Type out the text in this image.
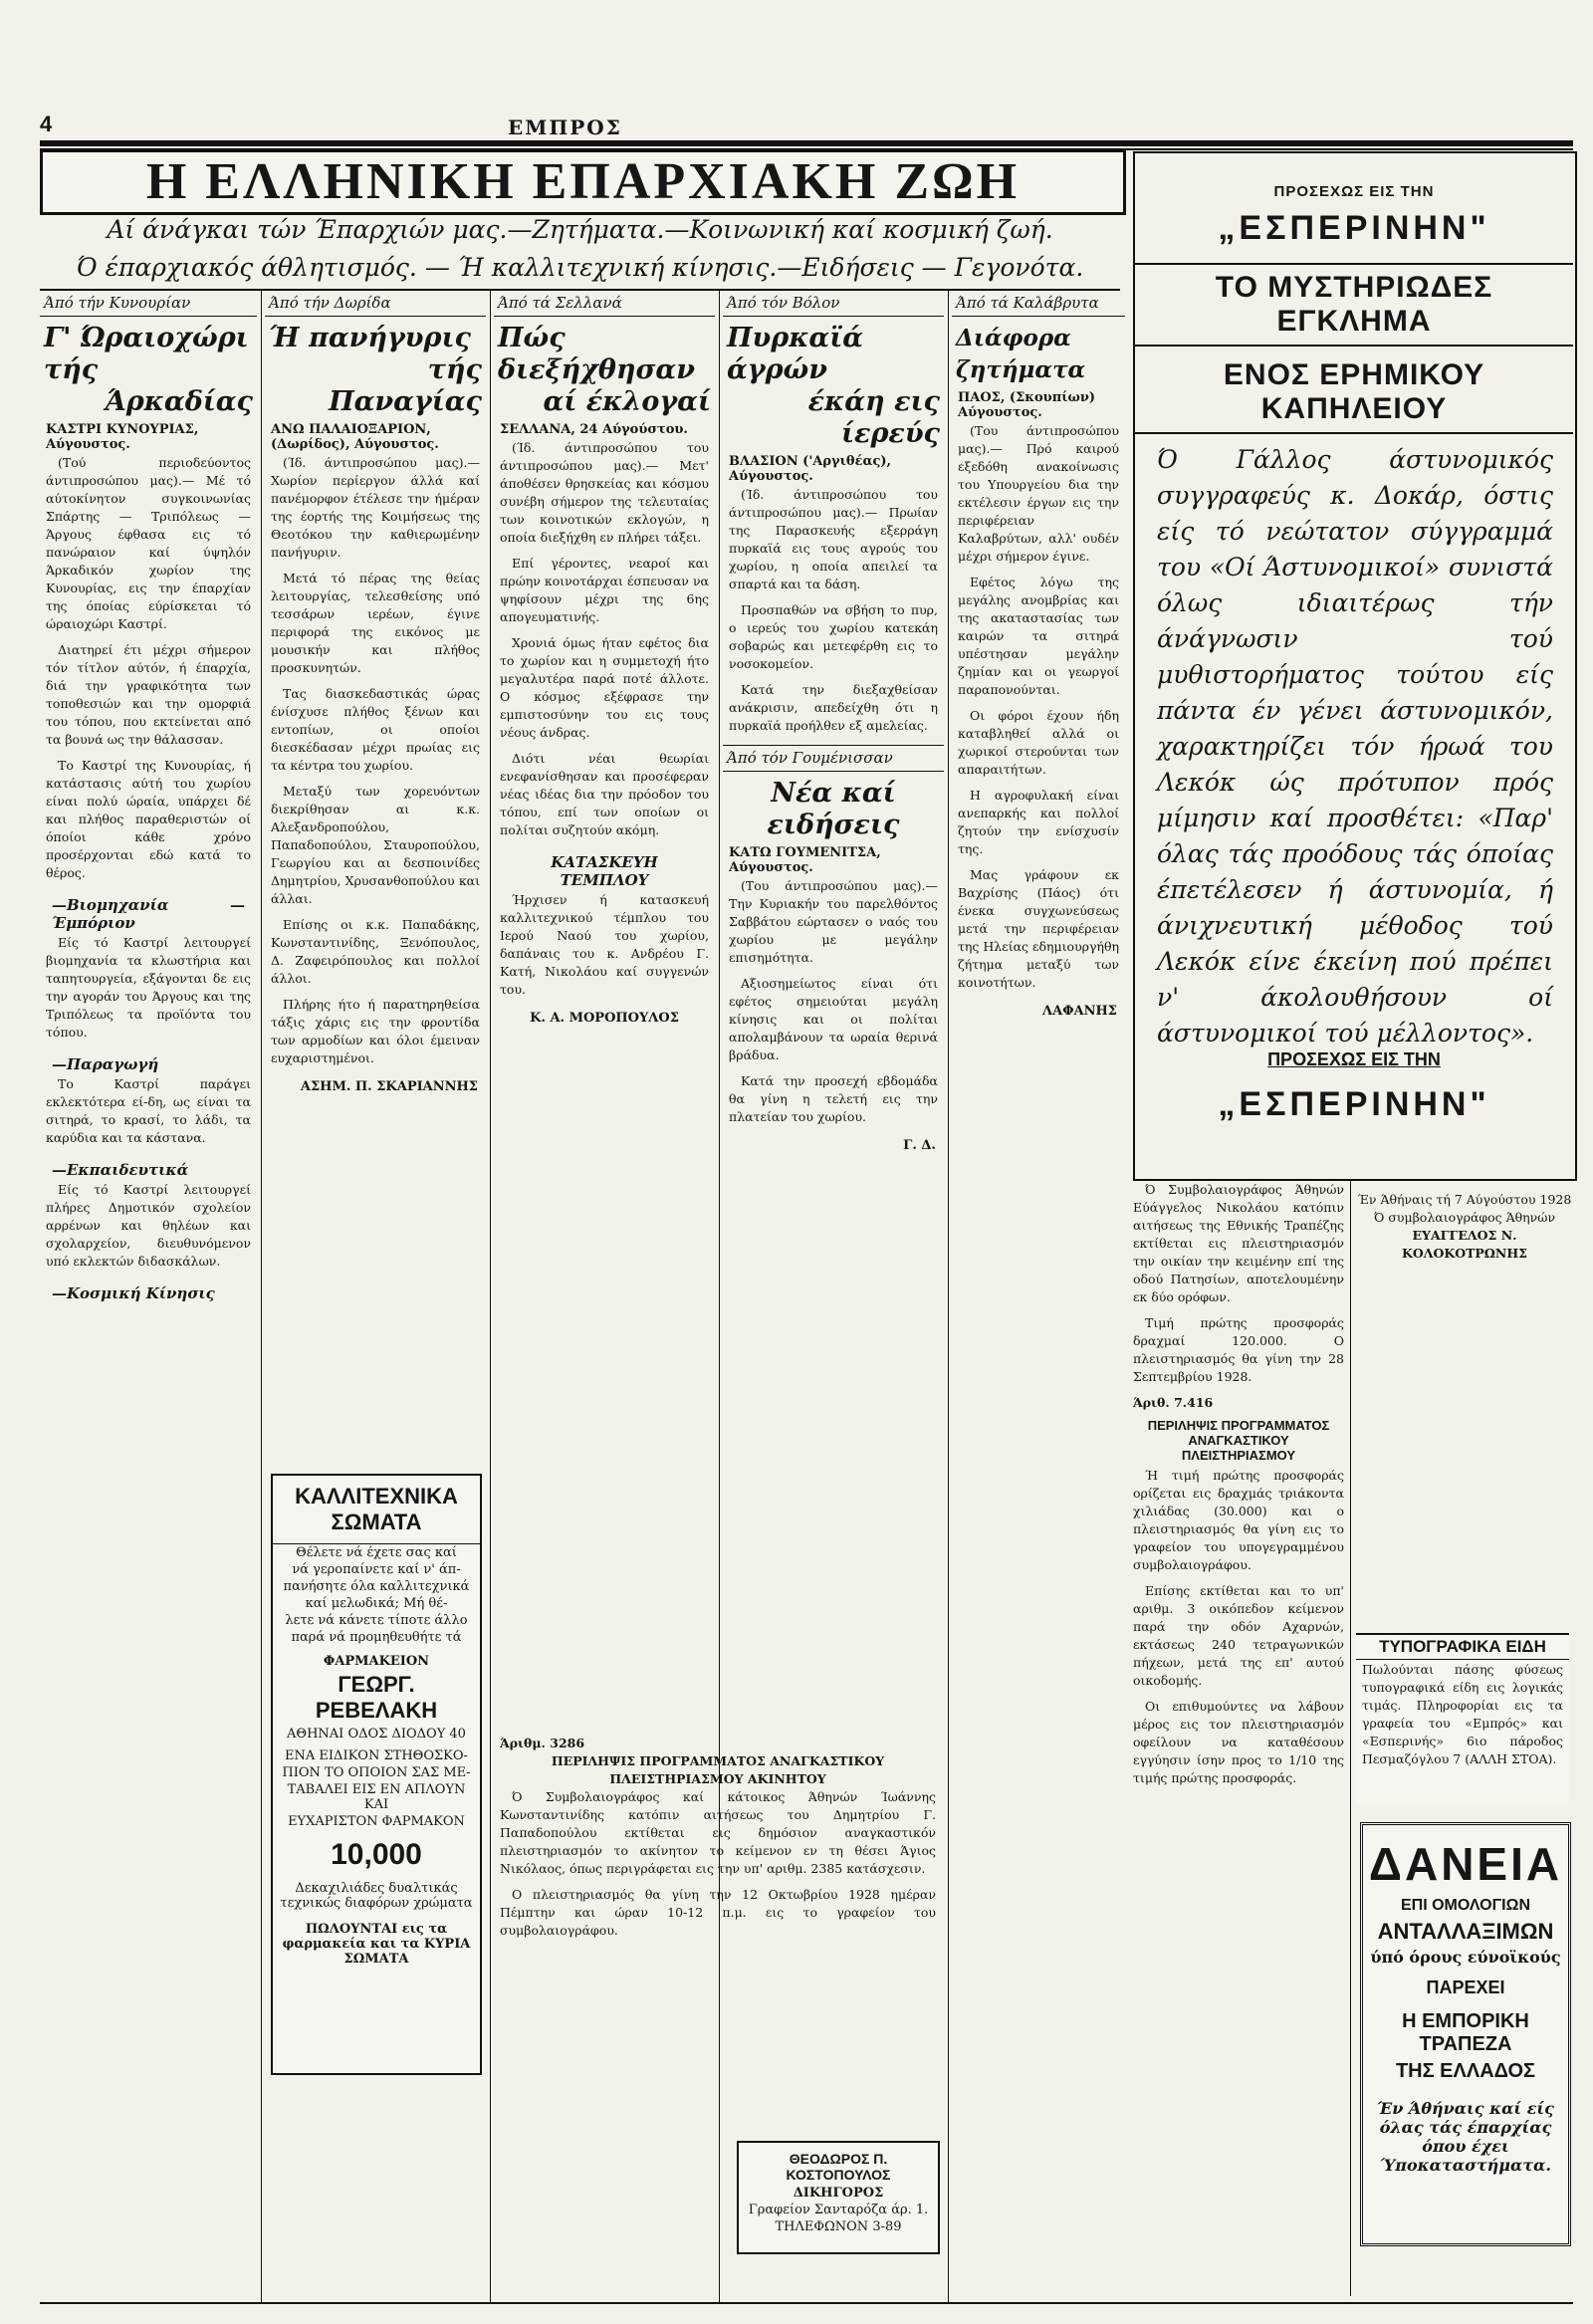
4	ΕΜΠΡΟΣ
Η ΕΛΛΗΝΙΚΗ ΕΠΑΡΧΙΑΚΗ ΖΩΗ
Αί άνάγκαι τών Έπαρχιών μας.—Ζητήματα.—Κοινωνική καί κοσμική ζωή.
Ό έπαρχιακός άθλητισμός. — Ή καλλιτεχνική κίνησις.—Ειδήσεις — Γεγονότα.
Άπό τήν Κυνουρίαν
Γ' Ώραιοχώρι τής
Άρκαδίας
ΚΑΣΤΡΙ ΚΥΝΟΥΡΙΑΣ, Αύγουστος.
(Τού περιοδεύοντος άντιπροσώπου μας).— Μέ τό αύτοκίνητον συγκοινωνίας Σπάρτης — Τριπόλεως — Άργους έφθασα εις τό πανώραιον καί ύψηλόν Άρκαδικόν χωρίον της Κυνουρίας, εις την έπαρχίαν της όποίας εύρίσκεται τό ώραιοχώρι Καστρί.
Διατηρεί έτι μέχρι σήμερον τόν τίτλον αύτόν, ή έπαρχία, διά την γραφικότητα των τοποθεσιών και την ομορφιά του τόπου, που εκτείνεται από τα βουνά ως την θάλασσαν.
Το Καστρί της Κυνουρίας, ή κατάστασις αύτή του χωρίου είναι πολύ ώραία, υπάρχει δέ και πλήθος παραθεριστών οί όποίοι κάθε χρόνο προσέρχονται εδώ κατά το θέρος.
—Βιομηχανία —Έμπόριον
Είς τό Καστρί λειτουργεί βιομηχανία τα κλωστήρια και ταπητουργεία, εξάγονται δε εις την αγοράν του Άργους και της Τριπόλεως τα προϊόντα του τόπου.
—Παραγωγή
Το Καστρί παράγει εκλεκτότερα εί-δη, ως είναι τα σιτηρά, το κρασί, το λάδι, τα καρύδια και τα κάστανα.
—Εκπαιδευτικά
Είς τό Καστρί λειτουργεί πλήρες Δημοτικόν σχολείον αρρένων και θηλέων και σχολαρχείον, διευθυνόμενον υπό εκλεκτών διδασκάλων.
—Κοσμική Κίνησις
Άπό τήν Δωρίδα
Ή πανήγυρις
τής Παναγίας
ΑΝΩ ΠΑΛΑΙΟΞΑΡΙΟΝ, (Δωρίδος), Αύγουστος.
(Ίδ. άντιπροσώπου μας).— Χωρίον περίεργον άλλά καί πανέμορφον έτέλεσε την ήμέραν της έορτής της Κοιμήσεως της Θεοτόκου την καθιερωμένην πανήγυριν.
Μετά τό πέρας της θείας λειτουργίας, τελεσθείσης υπό τεσσάρων ιερέων, έγινε περιφορά της εικόνος με μουσικήν και πλήθος προσκυνητών.
Τας διασκεδαστικάς ώρας ένίσχυσε πλήθος ξένων και εντοπίων, οι οποίοι διεσκέδασαν μέχρι πρωίας εις τα κέντρα του χωρίου.
Μεταξύ των χορευόντων διεκρίθησαν αι κ.κ. Αλεξανδροπούλου, Παπαδοπούλου, Σταυροπούλου, Γεωργίου και αι δεσποινίδες Δημητρίου, Χρυσανθοπούλου και άλλαι.
Επίσης οι κ.κ. Παπαδάκης, Κωνσταντινίδης, Ξενόπουλος, Δ. Ζαφειρόπουλος και πολλοί άλλοι.
Πλήρης ήτο ή παρατηρηθείσα τάξις χάρις εις την φροντίδα των αρμοδίων και όλοι έμειναν ευχαριστημένοι.
ΑΣΗΜ. Π. ΣΚΑΡΙΑΝΝΗΣ
ΚΑΛΛΙΤΕΧΝΙΚΑ ΣΩΜΑΤΑ
Θέλετε νά έχετε σας καί
νά γεροπαίνετε καί ν' άπ-
πανήσητε όλα καλλιτεχνικά
καί μελωδικά; Μή θέ-
λετε νά κάνετε τίποτε άλλο
παρά νά προμηθευθήτε τά
ΦΑΡΜΑΚΕΙΟΝ
ΓΕΩΡΓ. ΡΕΒΕΛΑΚΗ
ΑΘΗΝΑΙ ΟΔΟΣ ΔΙΟΔΟΥ 40
ΕΝΑ ΕΙΔΙΚΟΝ ΣΤΗΘΟΣΚΟ-
ΠΙΟΝ ΤΟ ΟΠΟΙΟΝ ΣΑΣ ΜΕ-
ΤΑΒΑΛΕΙ ΕΙΣ ΕΝ ΑΠΛΟΥΝ ΚΑΙ
ΕΥΧΑΡΙΣΤΟΝ ΦΑΡΜΑΚΟΝ
10,000
Δεκαχιλιάδες δυαλτικάς τεχνικώς διαφόρων χρώματα
ΠΩΛΟΥΝΤΑΙ εις τα φαρμακεία και τα ΚΥΡΙΑ ΣΩΜΑΤΑ
Άπό τά Σελλανά
Πώς διεξήχθησαν
αί έκλογαί
ΣΕΛΛΑΝΑ, 24 Αύγούστου.
(Ίδ. άντιπροσώπου του άντιπροσώπου μας).— Μετ' άποθέσεν θρησκείας και κόσμου συνέβη σήμερον της τελευταίας των κοινοτικών εκλογών, η οποία διεξήχθη εν πλήρει τάξει.
Επί γέροντες, νεαροί και πρώην κοινοτάρχαι έσπευσαν να ψηφίσουν μέχρι της 6ης απογευματινής.
Χρονιά όμως ήταν εφέτος δια το χωρίον και η συμμετοχή ήτο μεγαλυτέρα παρά ποτέ άλλοτε. Ο κόσμος εξέφρασε την εμπιστοσύνην του εις τους νέους άνδρας.
Διότι νέαι θεωρίαι ενεφανίσθησαν και προσέφεραν νέας ιδέας δια την πρόοδον του τόπου, επί των οποίων οι πολίται συζητούν ακόμη.
ΚΑΤΑΣΚΕΥΗ ΤΕΜΠΛΟΥ
Ήρχισεν ή κατασκευή καλλιτεχνικού τέμπλου του Ιερού Ναού του χωρίου, δαπάναις του κ. Ανδρέου Γ. Κατή, Νικολάου καί συγγενών του.
Κ. Α. ΜΟΡΟΠΟΥΛΟΣ
Άπό τόν Βόλον
Πυρκαϊά άγρών
έκάη εις ίερεύς
ΒΛΑΣΙΟΝ ('Αργιθέας), Αύγουστος.
(Ίδ. άντιπροσώπου του άντιπροσώπου μας).— Πρωίαν της Παρασκευής εξερράγη πυρκαϊά εις τους αγρούς του χωρίου, η οποία απειλεί τα σπαρτά και τα δάση.
Προσπαθών να σβήση το πυρ, ο ιερεύς του χωρίου κατεκάη σοβαρώς και μετεφέρθη εις το νοσοκομείον.
Κατά την διεξαχθείσαν ανάκρισιν, απεδείχθη ότι η πυρκαϊά προήλθεν εξ αμελείας.
Άπό τόν Γουμένισσαν
Νέα καί ειδήσεις
ΚΑΤΩ ΓΟΥΜΕΝΙΤΣΑ, Αύγουστος.
(Του άντιπροσώπου μας).— Την Κυριακήν του παρελθόντος Σαββάτου εώρτασεν ο ναός του χωρίου με μεγάλην επισημότητα.
Αξιοσημείωτος είναι ότι εφέτος σημειούται μεγάλη κίνησις και οι πολίται απολαμβάνουν τα ωραία θερινά βράδυα.
Κατά την προσεχή εβδομάδα θα γίνη η τελετή εις την πλατείαν του χωρίου.
Γ. Δ.
Άπό τά Καλάβρυτα
Διάφορα ζητήματα
ΠΑΟΣ, (Σκουπίων) Αύγουστος.
(Του άντιπροσώπου μας).— Πρό καιρού εξεδόθη ανακοίνωσις του Υπουργείου δια την εκτέλεσιν έργων εις την περιφέρειαν Καλαβρύτων, αλλ' ουδέν μέχρι σήμερον έγινε.
Εφέτος λόγω της μεγάλης ανομβρίας και της ακαταστασίας των καιρών τα σιτηρά υπέστησαν μεγάλην ζημίαν και οι γεωργοί παραπονούνται.
Οι φόροι έχουν ήδη καταβληθεί αλλά οι χωρικοί στερούνται των απαραιτήτων.
Η αγροφυλακή είναι ανεπαρκής και πολλοί ζητούν την ενίσχυσίν της.
Μας γράφουν εκ Βαχρίσης (Πάος) ότι ένεκα συγχωνεύσεως μετά την περιφέρειαν της Ηλείας εδημιουργήθη ζήτημα μεταξύ των κοινοτήτων.
ΛΑΦΑΝΗΣ
Άριθμ. 3286
ΠΕΡΙΛΗΨΙΣ ΠΡΟΓΡΑΜΜΑΤΟΣ ΑΝΑΓΚΑΣΤΙΚΟΥ ΠΛΕΙΣΤΗΡΙΑΣΜΟΥ ΑΚΙΝΗΤΟΥ
Ό Συμβολαιογράφος καί κάτοικος Άθηνών Ίωάννης Κωνσταντινίδης κατόπιν αιτήσεως του Δημητρίου Γ. Παπαδοπούλου εκτίθεται εις δημόσιον αναγκαστικόν πλειστηριασμόν το ακίνητον το κείμενον εν τη θέσει Άγιος Νικόλαος, όπως περιγράφεται εις την υπ' αριθμ. 2385 κατάσχεσιν.
Ο πλειστηριασμός θα γίνη την 12 Οκτωβρίου 1928 ημέραν Πέμπτην και ώραν 10-12 π.μ. εις το γραφείον του συμβολαιογράφου.
ΘΕΟΔΩΡΟΣ Π. ΚΟΣΤΟΠΟΥΛΟΣ
ΔΙΚΗΓΟΡΟΣ
Γραφείον Σανταρόζα άρ. 1.
ΤΗΛΕΦΩΝΟΝ 3-89
ΠΡΟΣΕΧΩΣ ΕΙΣ ΤΗΝ
„ΕΣΠΕΡΙΝΗΝ"
ΤΟ ΜΥΣΤΗΡΙΩΔΕΣ ΕΓΚΛΗΜΑ
ΕΝΟΣ ΕΡΗΜΙΚΟΥ ΚΑΠΗΛΕΙΟΥ
Ό Γάλλος άστυνομικός συγγραφεύς κ. Δοκάρ, όστις είς τό νεώτατον σύγγραμμά του «Οί Άστυνομικοί» συνιστά όλως ιδιαιτέρως τήν άνάγνωσιν τού μυθιστορήματος τούτου είς πάντα έν γένει άστυνομικόν, χαρακτηρίζει τόν ήρωά του Λεκόκ ώς πρότυπον πρός μίμησιν καί προσθέτει: «Παρ' όλας τάς προόδους τάς όποίας έπετέλεσεν ή άστυνομία, ή άνιχνευτική μέθοδος τού Λεκόκ είνε έκείνη πού πρέπει ν' άκολουθήσουν οί άστυνομικοί τού μέλλοντος».
ΠΡΟΣΕΧΩΣ ΕΙΣ ΤΗΝ
„ΕΣΠΕΡΙΝΗΝ"
Ό Συμβολαιογράφος Άθηνών Εύάγγελος Νικολάου κατόπιν αιτήσεως της Εθνικής Τραπέζης εκτίθεται εις πλειστηριασμόν την οικίαν την κειμένην επί της οδού Πατησίων, αποτελουμένην εκ δύο ορόφων.
Τιμή πρώτης προσφοράς δραχμαί 120.000. Ο πλειστηριασμός θα γίνη την 28 Σεπτεμβρίου 1928.
Άριθ. 7.416
ΠΕΡΙΛΗΨΙΣ ΠΡΟΓΡΑΜΜΑΤΟΣ ΑΝΑΓΚΑΣΤΙΚΟΥ ΠΛΕΙΣΤΗΡΙΑΣΜΟΥ
Ή τιμή πρώτης προσφοράς ορίζεται εις δραχμάς τριάκοντα χιλιάδας (30.000) και ο πλειστηριασμός θα γίνη εις το γραφείον του υπογεγραμμένου συμβολαιογράφου.
Επίσης εκτίθεται και το υπ' αριθμ. 3 οικόπεδον κείμενον παρά την οδόν Αχαρνών, εκτάσεως 240 τετραγωνικών πήχεων, μετά της επ' αυτού οικοδομής.
Οι επιθυμούντες να λάβουν μέρος εις τον πλειστηριασμόν οφείλουν να καταθέσουν εγγύησιν ίσην προς το 1/10 της τιμής πρώτης προσφοράς.
Έν Άθήναις τή 7 Αύγούστου 1928
Ό συμβολαιογράφος Άθηνών
ΕΥΑΓΓΕΛΟΣ Ν. ΚΟΛΟΚΟΤΡΩΝΗΣ
ΤΥΠΟΓΡΑΦΙΚΑ ΕΙΔΗ
Πωλούνται πάσης φύσεως τυπογραφικά είδη εις λογικάς τιμάς. Πληροφορίαι εις τα γραφεία του «Εμπρός» και «Εσπερινής» 6ιο πάροδος Πεσμαζόγλου 7 (ΑΛΛΗ ΣΤΟΑ).
ΔΑΝΕΙΑ
ΕΠΙ ΟΜΟΛΟΓΙΩΝ
ΑΝΤΑΛΛΑΞΙΜΩΝ
ύπό όρους εύνοϊκούς
ΠΑΡΕΧΕΙ
Η ΕΜΠΟΡΙΚΗ ΤΡΑΠΕΖΑ
ΤΗΣ ΕΛΛΑΔΟΣ
Έν Άθήναις καί είς όλας τάς έπαρχίας όπου έχει Ύποκαταστήματα.
